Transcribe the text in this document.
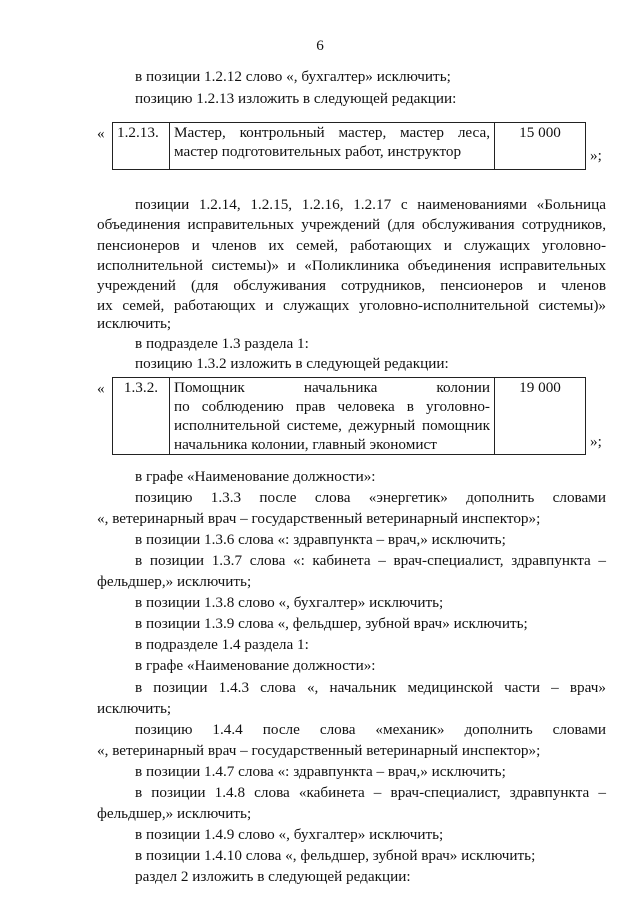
6
в позиции 1.2.12 слово «, бухгалтер» исключить;
позицию 1.2.13 изложить в следующей редакции:
« 1.2.13.	Мастер, контрольный мастер, мастер леса,
мастер подготовительных работ, инструктор
	15 000
»;
позиции 1.2.14, 1.2.15, 1.2.16, 1.2.17 с наименованиями «Больница
объединения исправительных учреждений (для обслуживания сотрудников,
пенсионеров и членов их семей, работающих и служащих уголовно-
исполнительной системы)» и «Поликлиника объединения исправительных
учреждений (для обслуживания сотрудников, пенсионеров и членов
их семей, работающих и служащих уголовно-исполнительной системы)»
исключить;
в подразделе 1.3 раздела 1:
позицию 1.3.2 изложить в следующей редакции:
« 1.3.2.	Помощник начальника колонии
по соблюдению прав человека в уголовно-
исполнительной системе, дежурный помощник
начальника колонии, главный экономист
	19 000
»;
в графе «Наименование должности»:
позицию 1.3.3 после слова «энергетик» дополнить словами
«, ветеринарный врач – государственный ветеринарный инспектор»;
в позиции 1.3.6 слова «: здравпункта – врач,» исключить;
в позиции 1.3.7 слова «: кабинета – врач-специалист, здравпункта –
фельдшер,» исключить;
в позиции 1.3.8 слово «, бухгалтер» исключить;
в позиции 1.3.9 слова «, фельдшер, зубной врач» исключить;
в подразделе 1.4 раздела 1:
в графе «Наименование должности»:
в позиции 1.4.3 слова «, начальник медицинской части – врач»
исключить;
позицию 1.4.4 после слова «механик» дополнить словами
«, ветеринарный врач – государственный ветеринарный инспектор»;
в позиции 1.4.7 слова «: здравпункта – врач,» исключить;
в позиции 1.4.8 слова «кабинета – врач-специалист, здравпункта –
фельдшер,» исключить;
в позиции 1.4.9 слово «, бухгалтер» исключить;
в позиции 1.4.10 слова «, фельдшер, зубной врач» исключить;
раздел 2 изложить в следующей редакции:
